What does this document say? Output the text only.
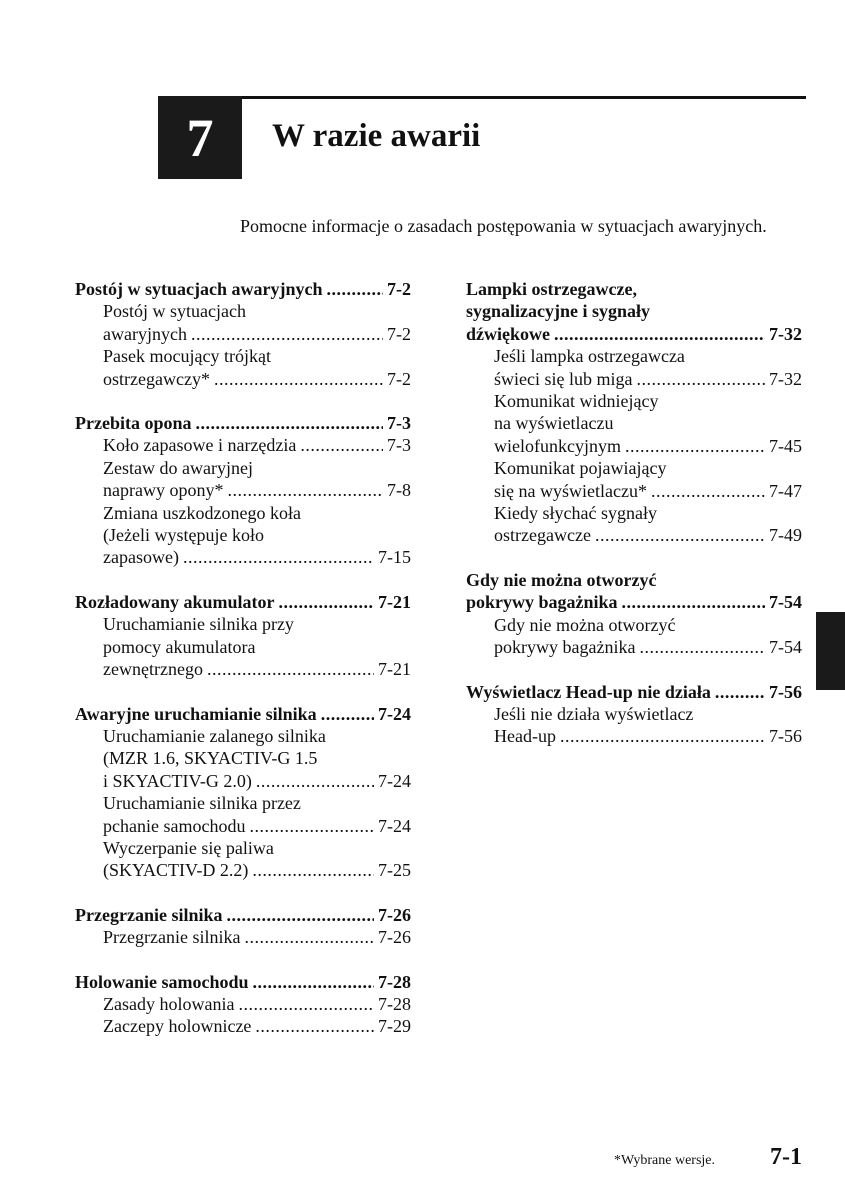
7 W razie awarii
Pomocne informacje o zasadach postępowania w sytuacjach awaryjnych.
Postój w sytuacjach awaryjnych .....	7-2
Postój w sytuacjach
awaryjnych .....	7-2
Pasek mocujący trójkąt
ostrzegawczy* .....	7-2
Przebita opona .....	7-3
Koło zapasowe i narzędzia .....	7-3
Zestaw do awaryjnej
naprawy opony* .....	7-8
Zmiana uszkodzonego koła
(Jeżeli występuje koło
zapasowe) .....	7-15
Rozładowany akumulator .....	7-21
Uruchamianie silnika przy
pomocy akumulatora
zewnętrznego .....	7-21
Awaryjne uruchamianie silnika .....	7-24
Uruchamianie zalanego silnika
(MZR 1.6, SKYACTIV-G 1.5
i SKYACTIV-G 2.0) .....	7-24
Uruchamianie silnika przez
pchanie samochodu .....	7-24
Wyczerpanie się paliwa
(SKYACTIV-D 2.2) .....	7-25
Przegrzanie silnika .....	7-26
Przegrzanie silnika .....	7-26
Holowanie samochodu .....	7-28
Zasady holowania .....	7-28
Zaczepy holownicze .....	7-29
Lampki ostrzegawcze,
sygnalizacyjne i sygnały
dźwiękowe .....	7-32
Jeśli lampka ostrzegawcza
świeci się lub miga .....	7-32
Komunikat widniejący
na wyświetlaczu
wielofunkcyjnym .....	7-45
Komunikat pojawiający
się na wyświetlaczu* .....	7-47
Kiedy słychać sygnały
ostrzegawcze .....	7-49
Gdy nie można otworzyć
pokrywy bagażnika .....	7-54
Gdy nie można otworzyć
pokrywy bagażnika .....	7-54
Wyświetlacz Head-up nie działa .....	7-56
Jeśli nie działa wyświetlacz
Head-up .....	7-56
*Wybrane wersje. 7-1
